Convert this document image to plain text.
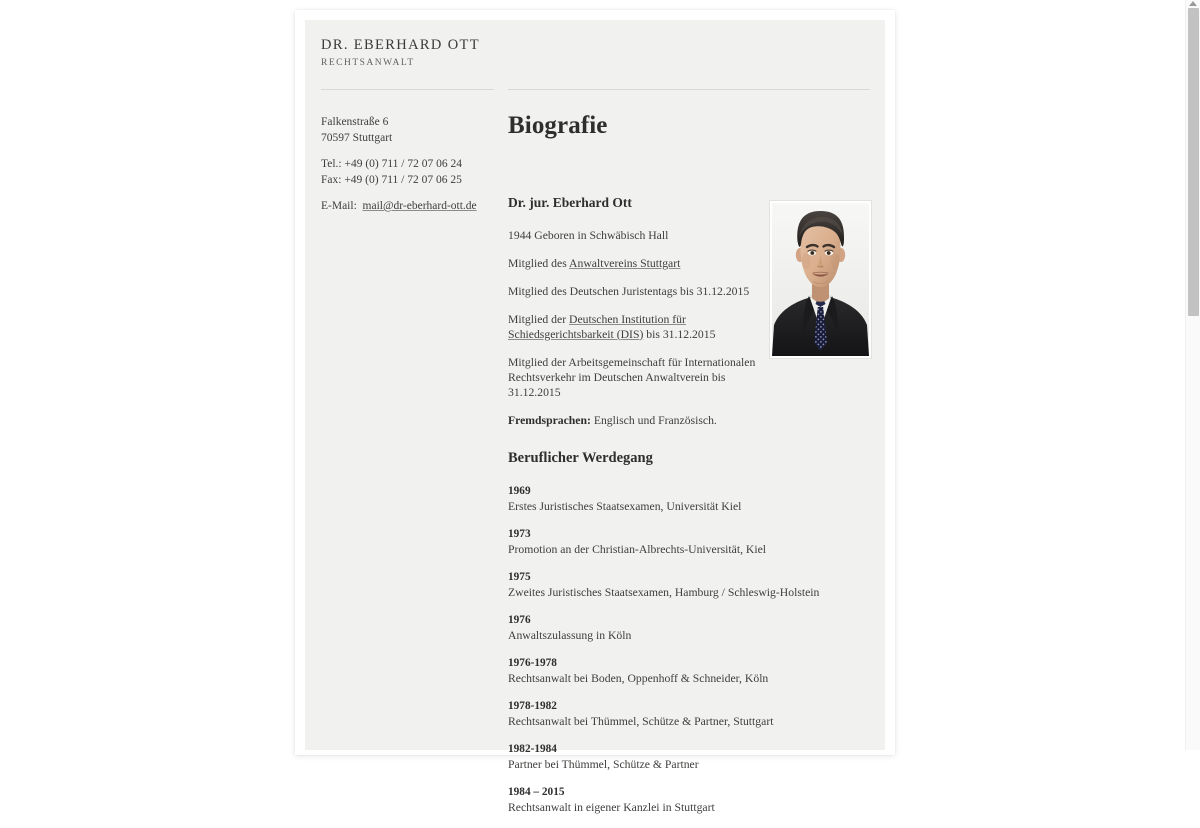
DR. EBERHARD OTT
RECHTSANWALT
Falkenstraße 6
70597 Stuttgart
Tel.: +49 (0) 711 / 72 07 06 24
Fax: +49 (0) 711 / 72 07 06 25
E-Mail: mail@dr-eberhard-ott.de
Biografie
Dr. jur. Eberhard Ott

1944 Geboren in Schwäbisch Hall

Mitglied des Anwaltvereins Stuttgart

Mitglied des Deutschen Juristentags bis 31.12.2015

Mitglied der Deutschen Institution für Schiedsgerichtsbarkeit (DIS) bis 31.12.2015

Mitglied der Arbeitsgemeinschaft für Internationalen Rechtsverkehr im Deutschen Anwaltverein bis 31.12.2015

Fremdsprachen: Englisch und Französisch.

Beruflicher Werdegang
1969
Erstes Juristisches Staatsexamen, Universität Kiel
1973
Promotion an der Christian-Albrechts-Universität, Kiel
1975
Zweites Juristisches Staatsexamen, Hamburg / Schleswig-Holstein
1976
Anwaltszulassung in Köln
1976-1978
Rechtsanwalt bei Boden, Oppenhoff & Schneider, Köln
1978-1982
Rechtsanwalt bei Thümmel, Schütze & Partner, Stuttgart
1982-1984
Partner bei Thümmel, Schütze & Partner
1984 – 2015
Rechtsanwalt in eigener Kanzlei in Stuttgart
